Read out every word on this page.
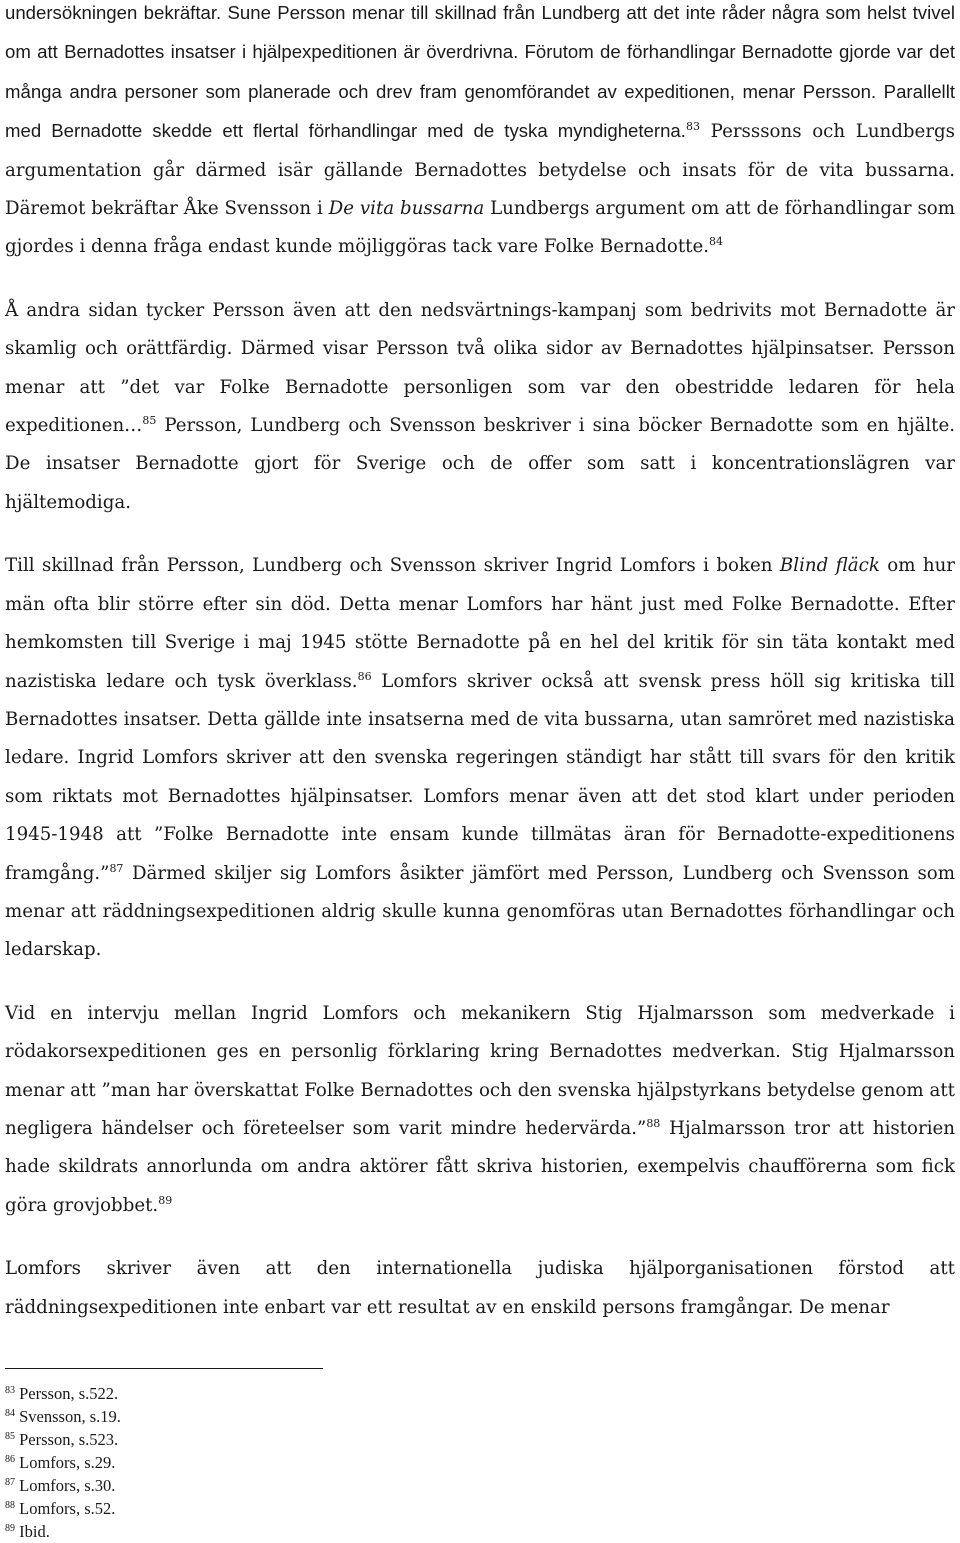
undersökningen bekräftar. Sune Persson menar till skillnad från Lundberg att det inte råder några som helst tvivel om att Bernadottes insatser i hjälpexpeditionen är överdrivna. Förutom de förhandlingar Bernadotte gjorde var det många andra personer som planerade och drev fram genomförandet av expeditionen, menar Persson. Parallellt med Bernadotte skedde ett flertal förhandlingar med de tyska myndigheterna.$^{83}$ Persssons och Lundbergs argumentation går därmed isär gällande Bernadottes betydelse och insats för de vita bussarna. Däremot bekräftar Åke Svensson i De vita bussarna Lundbergs argument om att de förhandlingar som gjordes i denna fråga endast kunde möjliggöras tack vare Folke Bernadotte.$^{84}$

Å andra sidan tycker Persson även att den nedsvärtnings-kampanj som bedrivits mot Bernadotte är skamlig och orättfärdig. Därmed visar Persson två olika sidor av Bernadottes hjälpinsatser. Persson menar att ”det var Folke Bernadotte personligen som var den obestridde ledaren för hela expeditionen…$^{85}$ Persson, Lundberg och Svensson beskriver i sina böcker Bernadotte som en hjälte. De insatser Bernadotte gjort för Sverige och de offer som satt i koncentrationslägren var hjältemodiga.

Till skillnad från Persson, Lundberg och Svensson skriver Ingrid Lomfors i boken Blind fläck om hur män ofta blir större efter sin död. Detta menar Lomfors har hänt just med Folke Bernadotte. Efter hemkomsten till Sverige i maj 1945 stötte Bernadotte på en hel del kritik för sin täta kontakt med nazistiska ledare och tysk överklass.$^{86}$ Lomfors skriver också att svensk press höll sig kritiska till Bernadottes insatser. Detta gällde inte insatserna med de vita bussarna, utan samröret med nazistiska ledare. Ingrid Lomfors skriver att den svenska regeringen ständigt har stått till svars för den kritik som riktats mot Bernadottes hjälpinsatser. Lomfors menar även att det stod klart under perioden 1945-1948 att ”Folke Bernadotte inte ensam kunde tillmätas äran för Bernadotte-expeditionens framgång.”$^{87}$ Därmed skiljer sig Lomfors åsikter jämfört med Persson, Lundberg och Svensson som menar att räddningsexpeditionen aldrig skulle kunna genomföras utan Bernadottes förhandlingar och ledarskap.

Vid en intervju mellan Ingrid Lomfors och mekanikern Stig Hjalmarsson som medverkade i rödakorsexpeditionen ges en personlig förklaring kring Bernadottes medverkan. Stig Hjalmarsson menar att ”man har överskattat Folke Bernadottes och den svenska hjälpstyrkans betydelse genom att negligera händelser och företeelser som varit mindre hedervärda.”$^{88}$ Hjalmarsson tror att historien hade skildrats annorlunda om andra aktörer fått skriva historien, exempelvis chaufförerna som fick göra grovjobbet.$^{89}$

Lomfors skriver även att den internationella judiska hjälporganisationen förstod att räddningsexpeditionen inte enbart var ett resultat av en enskild persons framgångar. De menar

$^{83}$ Persson, s.522.

$^{84}$ Svensson, s.19.

$^{85}$ Persson, s.523.

$^{86}$ Lomfors, s.29.

$^{87}$ Lomfors, s.30.

$^{88}$ Lomfors, s.52.

$^{89}$ Ibid.
